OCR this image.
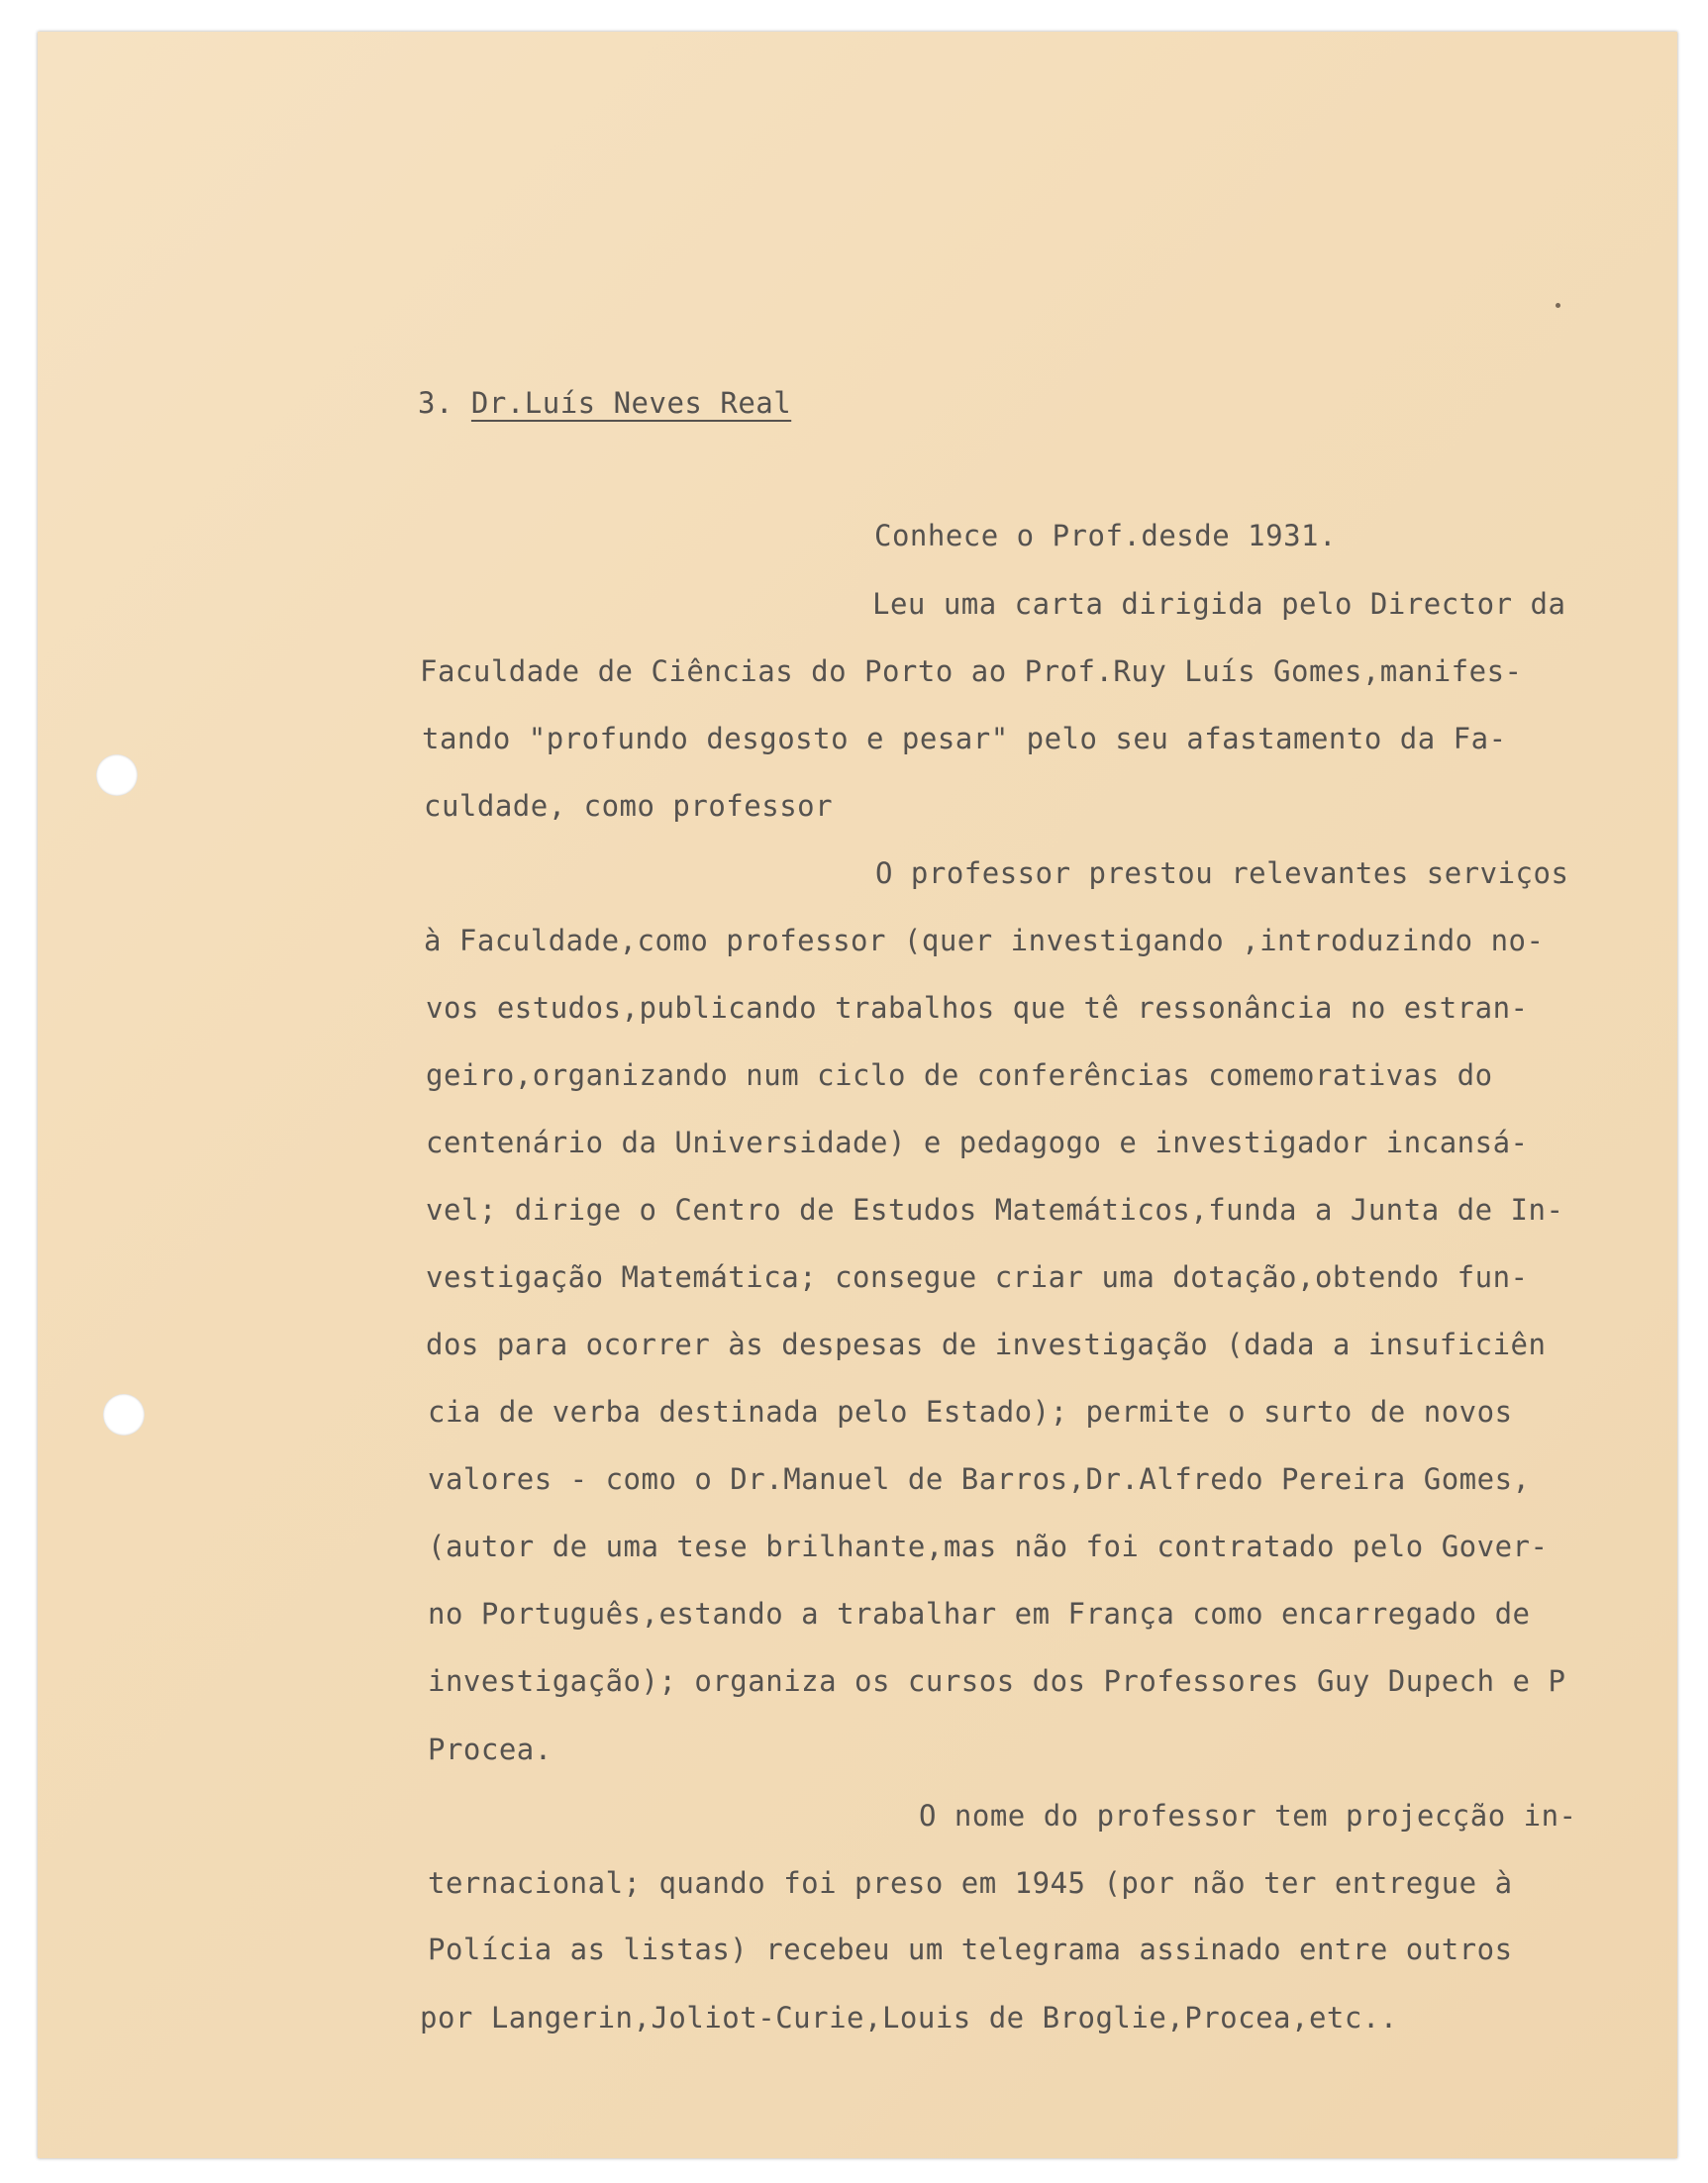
3. Dr.Luís Neves Real
Conhece o Prof.desde 1931.
Leu uma carta dirigida pelo Director da
Faculdade de Ciências do Porto ao Prof.Ruy Luís Gomes,manifes-
tando "profundo desgosto e pesar" pelo seu afastamento da Fa-
culdade, como professor
O professor prestou relevantes serviços
à Faculdade,como professor (quer investigando ,introduzindo no-
vos estudos,publicando trabalhos que tê ressonância no estran-
geiro,organizando num ciclo de conferências comemorativas do
centenário da Universidade) e pedagogo e investigador incansá-
vel; dirige o Centro de Estudos Matemáticos,funda a Junta de In-
vestigação Matemática; consegue criar uma dotação,obtendo fun-
dos para ocorrer às despesas de investigação (dada a insuficiên
cia de verba destinada pelo Estado); permite o surto de novos
valores - como o Dr.Manuel de Barros,Dr.Alfredo Pereira Gomes,
(autor de uma tese brilhante,mas não foi contratado pelo Gover-
no Português,estando a trabalhar em França como encarregado de
investigação); organiza os cursos dos Professores Guy Dupech e P
Procea.
O nome do professor tem projecção in-
ternacional; quando foi preso em 1945 (por não ter entregue à
Polícia as listas) recebeu um telegrama assinado entre outros
por Langerin,Joliot-Curie,Louis de Broglie,Procea,etc..
